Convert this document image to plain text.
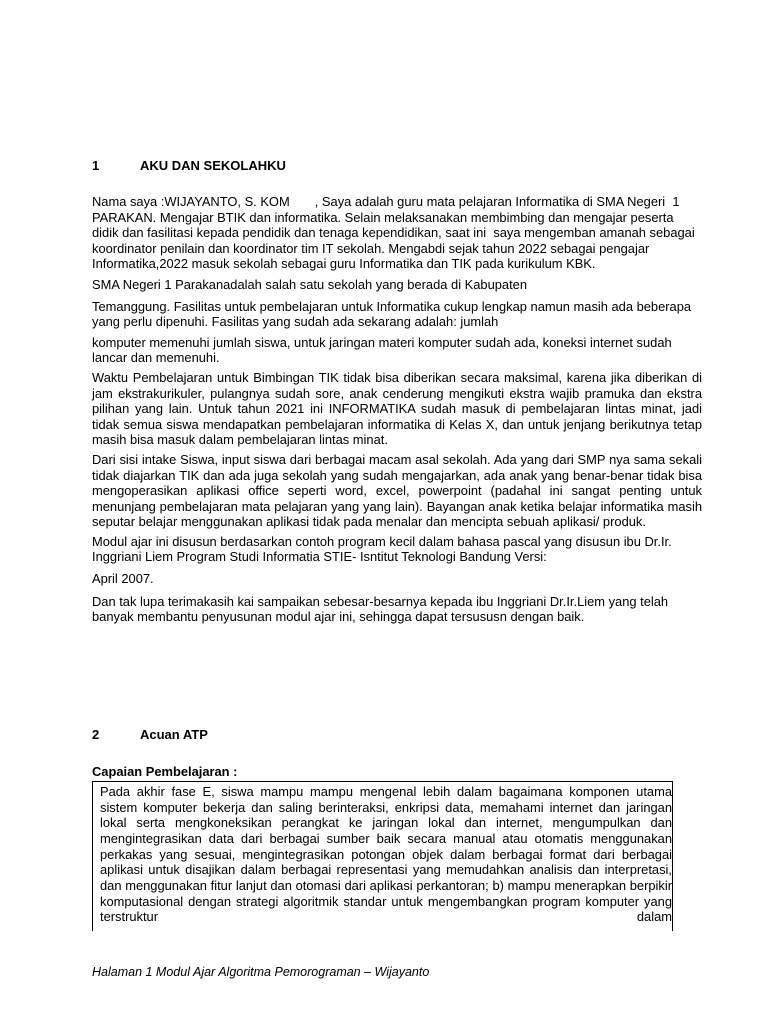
1	AKU DAN SEKOLAHKU

Nama saya :WIJAYANTO, S. KOM       , Saya adalah guru mata pelajaran Informatika di SMA Negeri  1 PARAKAN. Mengajar BTIK dan informatika. Selain melaksanakan membimbing dan mengajar peserta didik dan fasilitasi kepada pendidik dan tenaga kependidikan, saat ini  saya mengemban amanah sebagai koordinator penilain dan koordinator tim IT sekolah. Mengabdi sejak tahun 2022 sebagai pengajar Informatika,2022 masuk sekolah sebagai guru Informatika dan TIK pada kurikulum KBK.

SMA Negeri 1 Parakanadalah salah satu sekolah yang berada di Kabupaten

Temanggung. Fasilitas untuk pembelajaran untuk Informatika cukup lengkap namun masih ada beberapa yang perlu dipenuhi. Fasilitas yang sudah ada sekarang adalah: jumlah

komputer memenuhi jumlah siswa, untuk jaringan materi komputer sudah ada, koneksi internet sudah lancar dan memenuhi.

Waktu Pembelajaran untuk Bimbingan TIK tidak bisa diberikan secara maksimal, karena jika diberikan di jam ekstrakurikuler, pulangnya sudah sore, anak cenderung mengikuti ekstra wajib pramuka dan ekstra pilihan yang lain. Untuk tahun 2021 ini INFORMATIKA sudah masuk di pembelajaran lintas minat, jadi tidak semua siswa mendapatkan pembelajaran informatika di Kelas X, dan untuk jenjang berikutnya tetap masih bisa masuk dalam pembelajaran lintas minat.

Dari sisi intake Siswa, input siswa dari berbagai macam asal sekolah. Ada yang dari SMP nya sama sekali tidak diajarkan TIK dan ada juga sekolah yang sudah mengajarkan, ada anak yang benar-benar tidak bisa mengoperasikan aplikasi office seperti word, excel, powerpoint (padahal ini sangat penting untuk menunjang pembelajaran mata pelajaran yang yang lain). Bayangan anak ketika belajar informatika masih seputar belajar menggunakan aplikasi tidak pada menalar dan mencipta sebuah aplikasi/ produk.

Modul ajar ini disusun berdasarkan contoh program kecil dalam bahasa pascal yang disusun ibu Dr.Ir. Inggriani Liem Program Studi Informatia STIE- Isntitut Teknologi Bandung Versi:

April 2007.

Dan tak lupa terimakasih kai sampaikan sebesar-besarnya kepada ibu Inggriani Dr.Ir.Liem yang telah banyak membantu penyusunan modul ajar ini, sehingga dapat tersususn dengan baik.

2	Acuan ATP
Capaian Pembelajaran :

Pada akhir fase E, siswa mampu mampu mengenal lebih dalam bagaimana komponen utama sistem komputer bekerja dan saling berinteraksi, enkripsi data, memahami internet dan jaringan lokal serta mengkoneksikan perangkat ke jaringan lokal dan internet, mengumpulkan dan mengintegrasikan data dari berbagai sumber baik secara manual atau otomatis menggunakan perkakas yang sesuai, mengintegrasikan potongan objek dalam berbagai format dari berbagai aplikasi untuk disajikan dalam berbagai representasi yang memudahkan analisis dan interpretasi, dan menggunakan fitur lanjut dan otomasi dari aplikasi perkantoran; b) mampu menerapkan berpikir komputasional dengan strategi algoritmik standar untuk mengembangkan program komputer yang terstruktur dalam

Halaman 1 Modul Ajar Algoritma Pemorograman – Wijayanto
